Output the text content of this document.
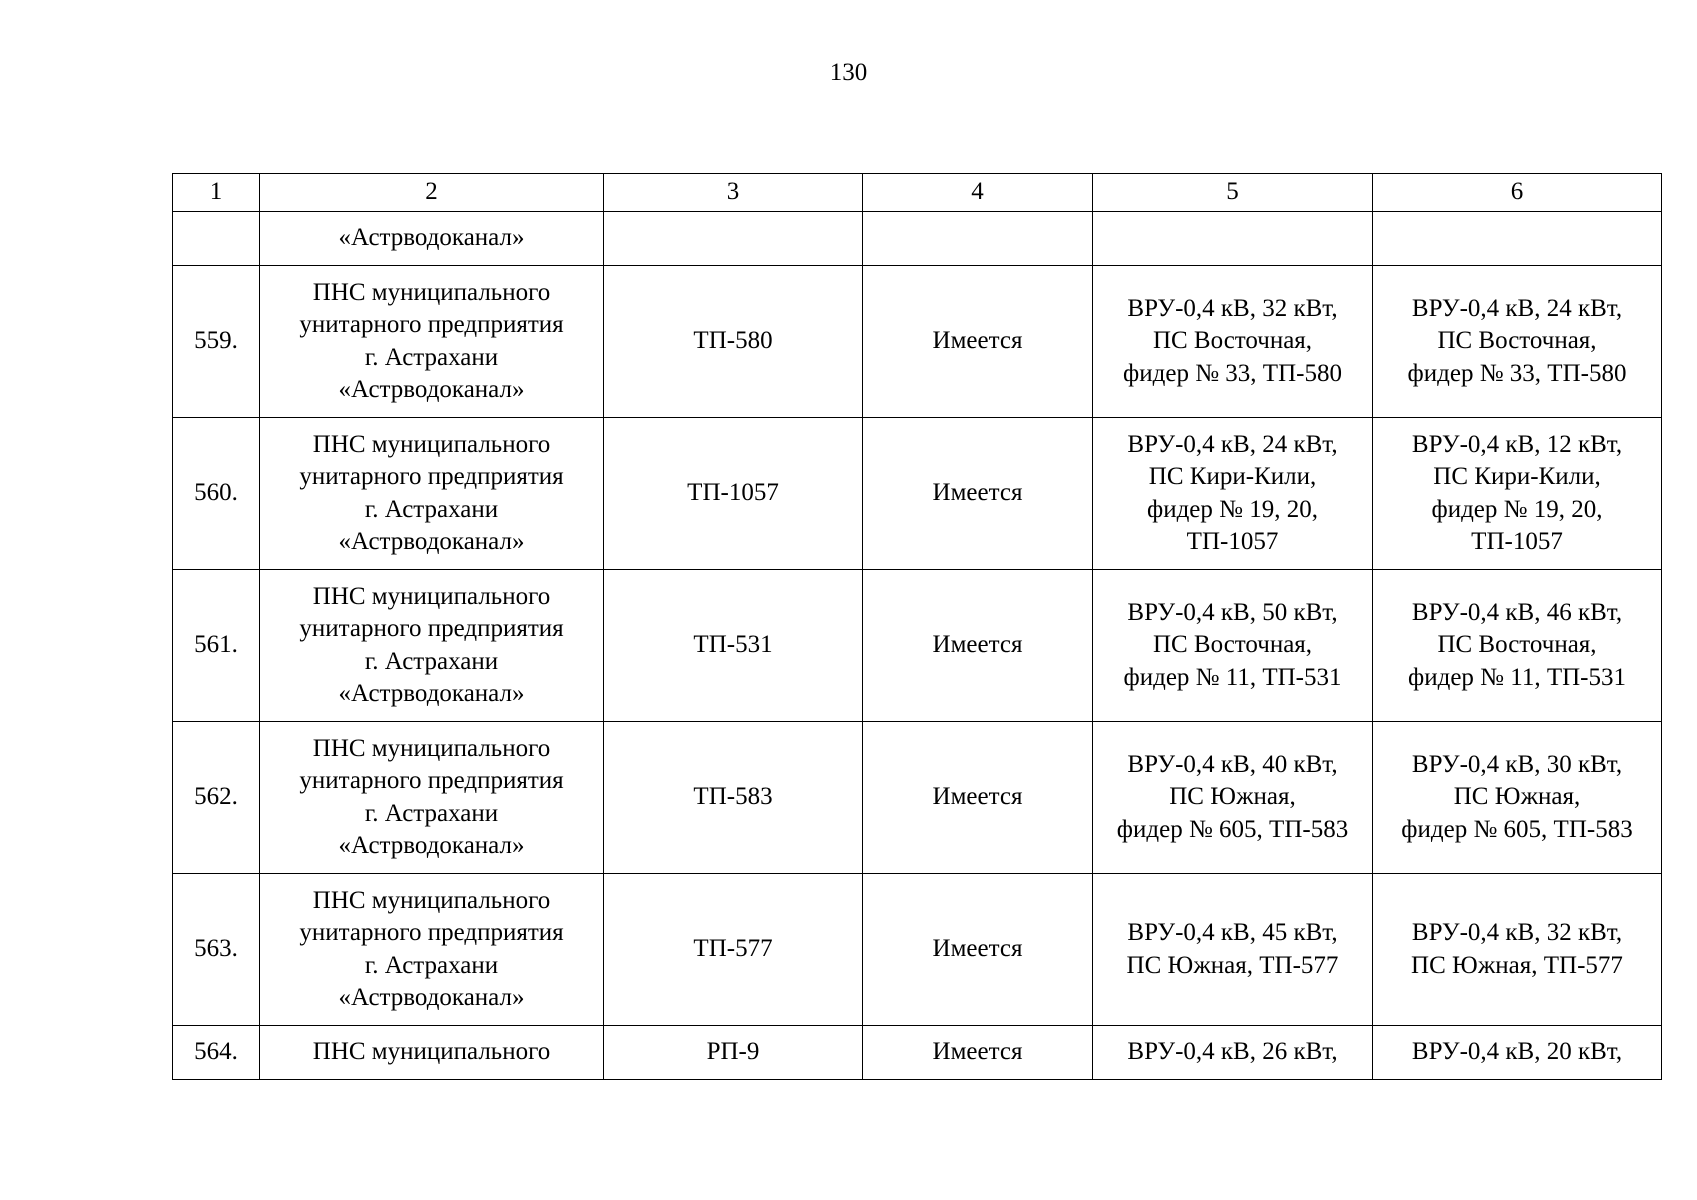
130
1	2	3	4	5	6
	«Астрводоканал»				
559.	ПНС муниципального
унитарного предприятия
г. Астрахани
«Астрводоканал»	ТП-580	Имеется	ВРУ-0,4 кВ, 32 кВт,
ПС Восточная,
фидер № 33, ТП-580	ВРУ-0,4 кВ, 24 кВт,
ПС Восточная,
фидер № 33, ТП-580
560.	ПНС муниципального
унитарного предприятия
г. Астрахани
«Астрводоканал»	ТП-1057	Имеется	ВРУ-0,4 кВ, 24 кВт,
ПС Кири-Кили,
фидер № 19, 20,
ТП-1057	ВРУ-0,4 кВ, 12 кВт,
ПС Кири-Кили,
фидер № 19, 20,
ТП-1057
561.	ПНС муниципального
унитарного предприятия
г. Астрахани
«Астрводоканал»	ТП-531	Имеется	ВРУ-0,4 кВ, 50 кВт,
ПС Восточная,
фидер № 11, ТП-531	ВРУ-0,4 кВ, 46 кВт,
ПС Восточная,
фидер № 11, ТП-531
562.	ПНС муниципального
унитарного предприятия
г. Астрахани
«Астрводоканал»	ТП-583	Имеется	ВРУ-0,4 кВ, 40 кВт,
ПС Южная,
фидер № 605, ТП-583	ВРУ-0,4 кВ, 30 кВт,
ПС Южная,
фидер № 605, ТП-583
563.	ПНС муниципального
унитарного предприятия
г. Астрахани
«Астрводоканал»	ТП-577	Имеется	ВРУ-0,4 кВ, 45 кВт,
ПС Южная, ТП-577	ВРУ-0,4 кВ, 32 кВт,
ПС Южная, ТП-577
564.	ПНС муниципального	РП-9	Имеется	ВРУ-0,4 кВ, 26 кВт,	ВРУ-0,4 кВ, 20 кВт,
